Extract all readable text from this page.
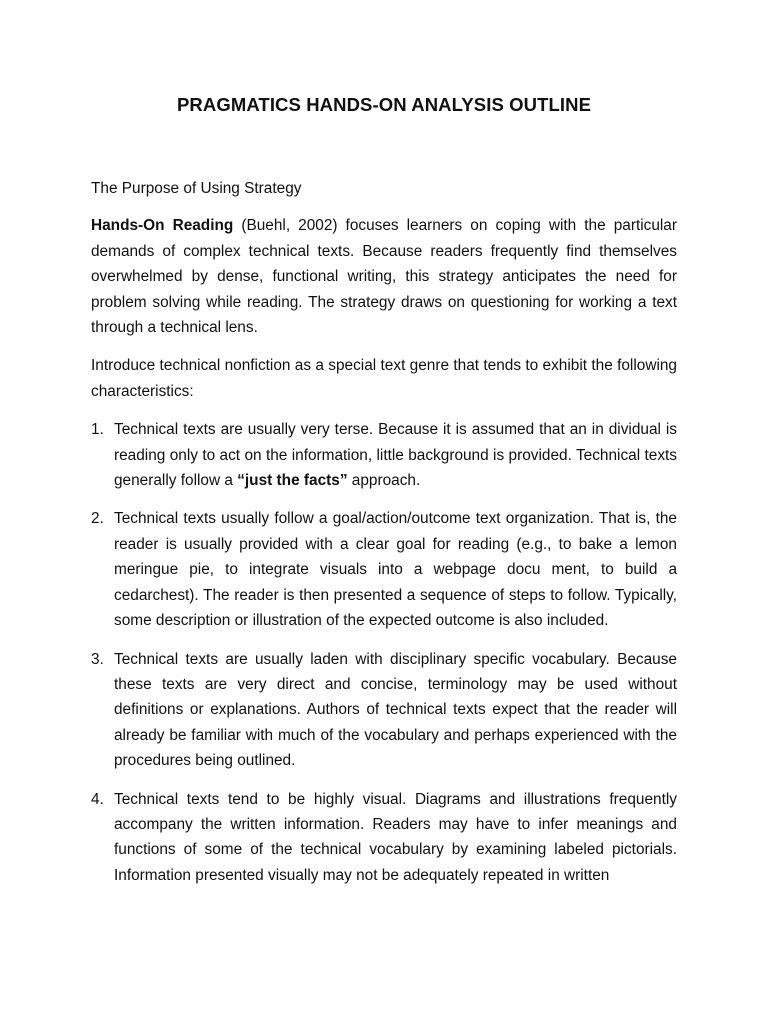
PRAGMATICS HANDS-ON ANALYSIS OUTLINE
The Purpose of Using Strategy

Hands-On Reading (Buehl, 2002) focuses learners on coping with the particular demands of complex technical texts. Because readers frequently find themselves overwhelmed by dense, functional writing, this strategy anticipates the need for problem solving while reading. The strategy draws on questioning for working a text through a technical lens.

Introduce technical nonfiction as a special text genre that tends to exhibit the following characteristics:

1. Technical texts are usually very terse. Because it is assumed that an in dividual is reading only to act on the information, little background is provided. Technical texts generally follow a “just the facts” approach.
2. Technical texts usually follow a goal/action/outcome text organization. That is, the reader is usually provided with a clear goal for reading (e.g., to bake a lemon meringue pie, to integrate visuals into a webpage docu ment, to build a cedarchest). The reader is then presented a sequence of steps to follow. Typically, some description or illustration of the expected outcome is also included.
3. Technical texts are usually laden with disciplinary specific vocabulary. Because these texts are very direct and concise, terminology may be used without definitions or explanations. Authors of technical texts expect that the reader will already be familiar with much of the vocabulary and perhaps experienced with the procedures being outlined.
4. Technical texts tend to be highly visual. Diagrams and illustrations frequently accompany the written information. Readers may have to infer meanings and functions of some of the technical vocabulary by examining labeled pictorials. Information presented visually may not be adequately repeated in written
